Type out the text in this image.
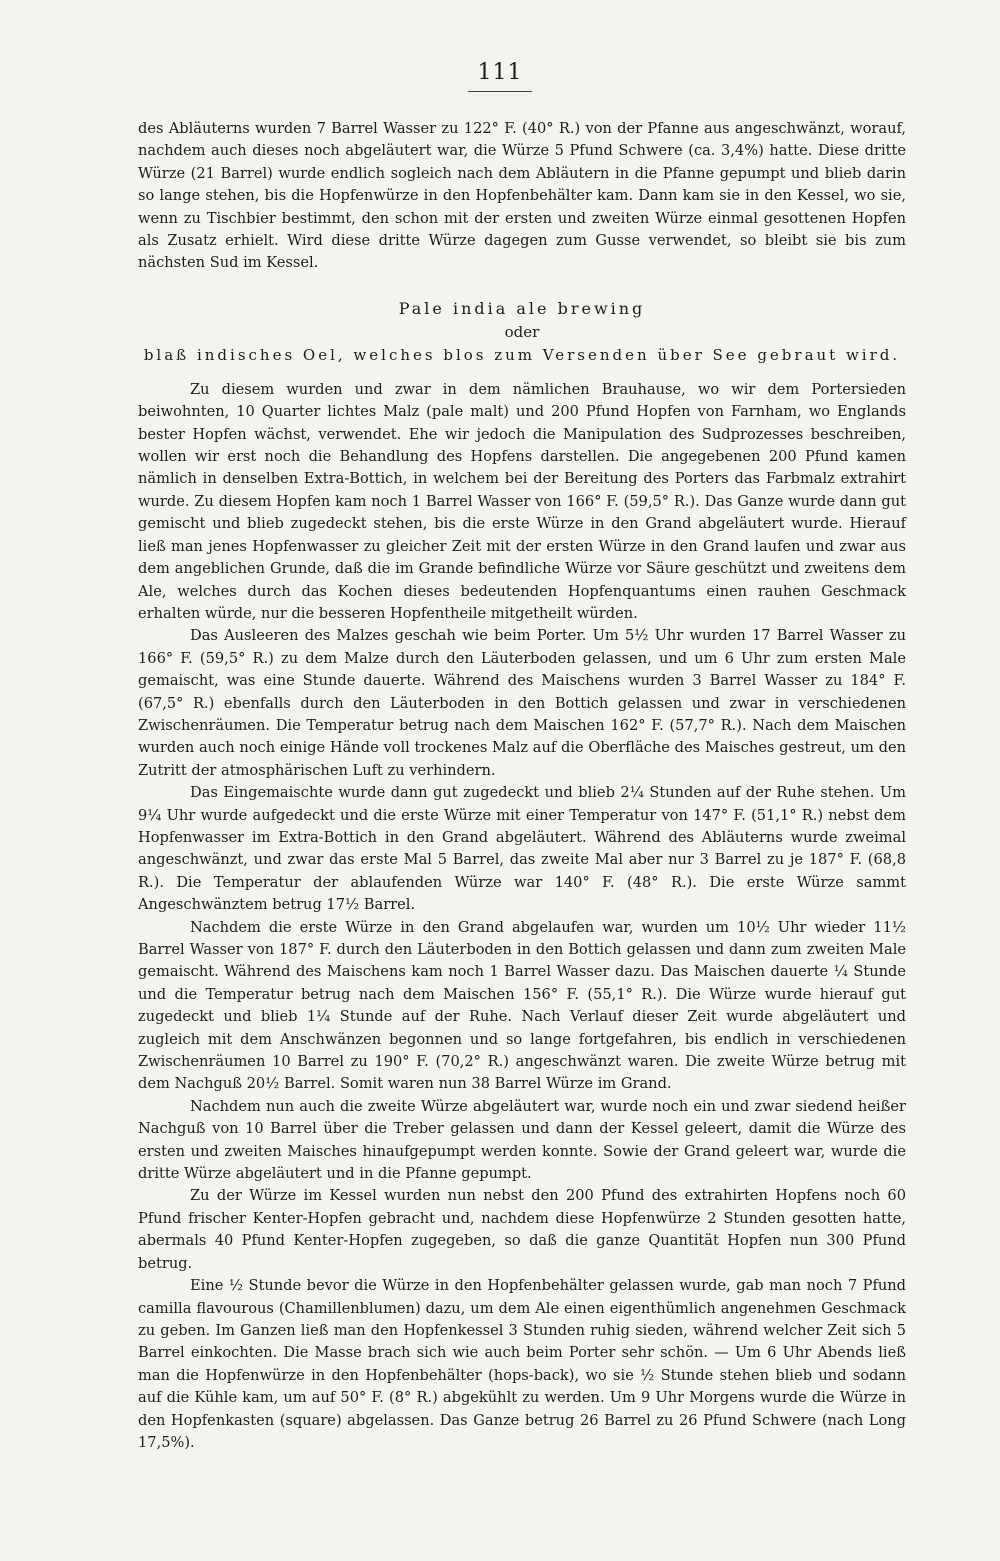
111

des Abläuterns wurden 7 Barrel Wasser zu 122° F. (40° R.) von der Pfanne aus angeschwänzt, worauf, nachdem auch dieses noch abgeläutert war, die Würze 5 Pfund Schwere (ca. 3,4%) hatte. Diese dritte Würze (21 Barrel) wurde endlich sogleich nach dem Abläutern in die Pfanne gepumpt und blieb darin so lange stehen, bis die Hopfenwürze in den Hopfenbehälter kam. Dann kam sie in den Kessel, wo sie, wenn zu Tischbier bestimmt, den schon mit der ersten und zweiten Würze einmal gesottenen Hopfen als Zusatz erhielt. Wird diese dritte Würze dagegen zum Gusse verwendet, so bleibt sie bis zum nächsten Sud im Kessel.

Pale india ale brewing
oder
blaß indisches Oel, welches blos zum Versenden über See gebraut wird.

Zu diesem wurden und zwar in dem nämlichen Brauhause, wo wir dem Portersieden beiwohnten, 10 Quarter lichtes Malz (pale malt) und 200 Pfund Hopfen von Farnham, wo Englands bester Hopfen wächst, verwendet. Ehe wir jedoch die Manipulation des Sudprozesses beschreiben, wollen wir erst noch die Behandlung des Hopfens darstellen. Die angegebenen 200 Pfund kamen nämlich in denselben Extra-Bottich, in welchem bei der Bereitung des Porters das Farbmalz extrahirt wurde. Zu diesem Hopfen kam noch 1 Barrel Wasser von 166° F. (59,5° R.). Das Ganze wurde dann gut gemischt und blieb zugedeckt stehen, bis die erste Würze in den Grand abgeläutert wurde. Hierauf ließ man jenes Hopfenwasser zu gleicher Zeit mit der ersten Würze in den Grand laufen und zwar aus dem angeblichen Grunde, daß die im Grande befindliche Würze vor Säure geschützt und zweitens dem Ale, welches durch das Kochen dieses bedeutenden Hopfenquantums einen rauhen Geschmack erhalten würde, nur die besseren Hopfentheile mitgetheilt würden.

Das Ausleeren des Malzes geschah wie beim Porter. Um 5½ Uhr wurden 17 Barrel Wasser zu 166° F. (59,5° R.) zu dem Malze durch den Läuterboden gelassen, und um 6 Uhr zum ersten Male gemaischt, was eine Stunde dauerte. Während des Maischens wurden 3 Barrel Wasser zu 184° F. (67,5° R.) ebenfalls durch den Läuterboden in den Bottich gelassen und zwar in verschiedenen Zwischenräumen. Die Temperatur betrug nach dem Maischen 162° F. (57,7° R.). Nach dem Maischen wurden auch noch einige Hände voll trockenes Malz auf die Oberfläche des Maisches gestreut, um den Zutritt der atmosphärischen Luft zu verhindern.

Das Eingemaischte wurde dann gut zugedeckt und blieb 2¼ Stunden auf der Ruhe stehen. Um 9¼ Uhr wurde aufgedeckt und die erste Würze mit einer Temperatur von 147° F. (51,1° R.) nebst dem Hopfenwasser im Extra-Bottich in den Grand abgeläutert. Während des Abläuterns wurde zweimal angeschwänzt, und zwar das erste Mal 5 Barrel, das zweite Mal aber nur 3 Barrel zu je 187° F. (68,8 R.). Die Temperatur der ablaufenden Würze war 140° F. (48° R.). Die erste Würze sammt Angeschwänztem betrug 17½ Barrel.

Nachdem die erste Würze in den Grand abgelaufen war, wurden um 10½ Uhr wieder 11½ Barrel Wasser von 187° F. durch den Läuterboden in den Bottich gelassen und dann zum zweiten Male gemaischt. Während des Maischens kam noch 1 Barrel Wasser dazu. Das Maischen dauerte ¼ Stunde und die Temperatur betrug nach dem Maischen 156° F. (55,1° R.). Die Würze wurde hierauf gut zugedeckt und blieb 1¼ Stunde auf der Ruhe. Nach Verlauf dieser Zeit wurde abgeläutert und zugleich mit dem Anschwänzen begonnen und so lange fortgefahren, bis endlich in verschiedenen Zwischenräumen 10 Barrel zu 190° F. (70,2° R.) angeschwänzt waren. Die zweite Würze betrug mit dem Nachguß 20½ Barrel. Somit waren nun 38 Barrel Würze im Grand.

Nachdem nun auch die zweite Würze abgeläutert war, wurde noch ein und zwar siedend heißer Nachguß von 10 Barrel über die Treber gelassen und dann der Kessel geleert, damit die Würze des ersten und zweiten Maisches hinaufgepumpt werden konnte. Sowie der Grand geleert war, wurde die dritte Würze abgeläutert und in die Pfanne gepumpt.

Zu der Würze im Kessel wurden nun nebst den 200 Pfund des extrahirten Hopfens noch 60 Pfund frischer Kenter-Hopfen gebracht und, nachdem diese Hopfenwürze 2 Stunden gesotten hatte, abermals 40 Pfund Kenter-Hopfen zugegeben, so daß die ganze Quantität Hopfen nun 300 Pfund betrug.

Eine ½ Stunde bevor die Würze in den Hopfenbehälter gelassen wurde, gab man noch 7 Pfund camilla flavourous (Chamillenblumen) dazu, um dem Ale einen eigenthümlich angenehmen Geschmack zu geben. Im Ganzen ließ man den Hopfenkessel 3 Stunden ruhig sieden, während welcher Zeit sich 5 Barrel einkochten. Die Masse brach sich wie auch beim Porter sehr schön. — Um 6 Uhr Abends ließ man die Hopfenwürze in den Hopfenbehälter (hops-back), wo sie ½ Stunde stehen blieb und sodann auf die Kühle kam, um auf 50° F. (8° R.) abgekühlt zu werden. Um 9 Uhr Morgens wurde die Würze in den Hopfenkasten (square) abgelassen. Das Ganze betrug 26 Barrel zu 26 Pfund Schwere (nach Long 17,5%).
